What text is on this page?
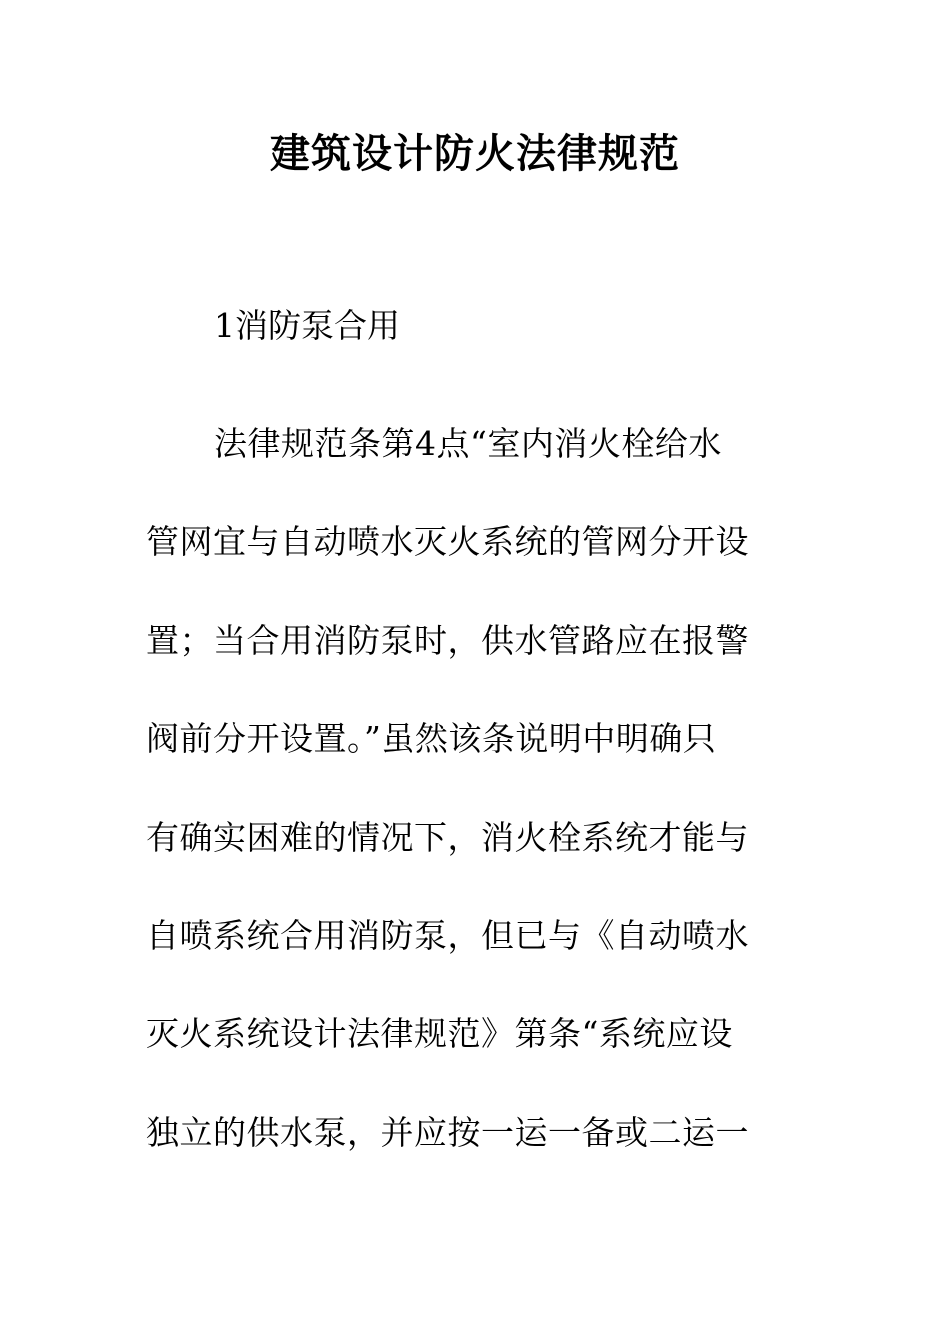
建筑设计防火法律规范

1消防泵合用

法律规范条第4点“室内消火栓给水
管网宜与自动喷水灭火系统的管网分开设
置；当合用消防泵时，供水管路应在报警
阀前分开设置。”虽然该条说明中明确只
有确实困难的情况下，消火栓系统才能与
自喷系统合用消防泵，但已与《自动喷水
灭火系统设计法律规范》第条“系统应设
独立的供水泵，并应按一运一备或二运一
